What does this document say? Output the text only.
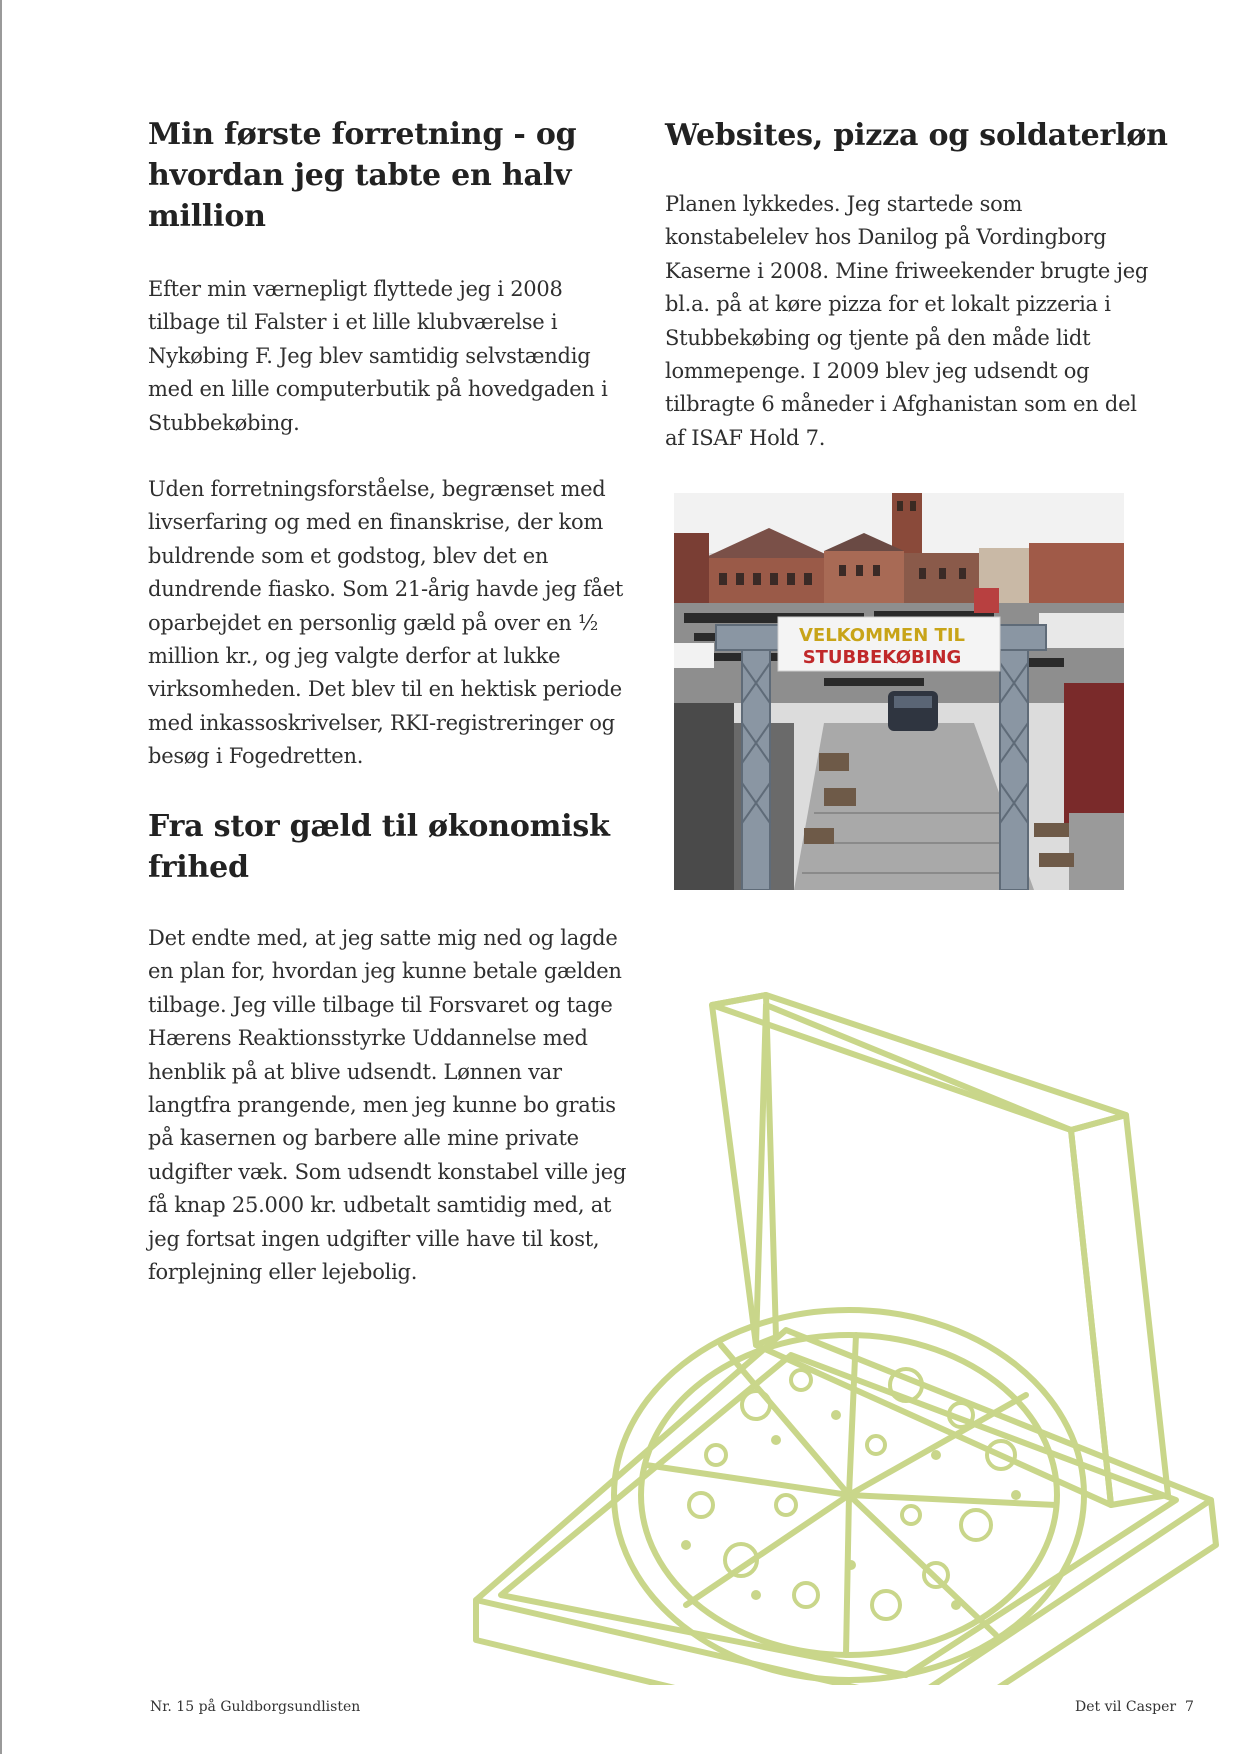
Min første forretning - og hvordan jeg tabte en halv million

Efter min værnepligt flyttede jeg i 2008 tilbage til Falster i et lille klubværelse i Nykøbing F. Jeg blev samtidig selvstændig med en lille computerbutik på hovedgaden i Stubbekøbing.

Uden forretningsforståelse, begrænset med livserfaring og med en finanskrise, der kom buldrende som et godstog, blev det en dundrende fiasko. Som 21-årig havde jeg fået oparbejdet en personlig gæld på over en ½ million kr., og jeg valgte derfor at lukke virksomheden. Det blev til en hektisk periode med inkassoskrivelser, RKI-registreringer og besøg i Fogedretten.

Fra stor gæld til økonomisk frihed

Det endte med, at jeg satte mig ned og lagde en plan for, hvordan jeg kunne betale gælden tilbage. Jeg ville tilbage til Forsvaret og tage Hærens Reaktionsstyrke Uddannelse med henblik på at blive udsendt. Lønnen var langtfra prangende, men jeg kunne bo gratis på kasernen og barbere alle mine private udgifter væk. Som udsendt konstabel ville jeg få knap 25.000 kr. udbetalt samtidig med, at jeg fortsat ingen udgifter ville have til kost, forplejning eller lejebolig.

Websites, pizza og soldaterløn

Planen lykkedes. Jeg startede som konstabelelev hos Danilog på Vordingborg Kaserne i 2008. Mine friweekender brugte jeg bl.a. på at køre pizza for et lokalt pizzeria i Stubbekøbing og tjente på den måde lidt lommepenge. I 2009 blev jeg udsendt og tilbragte 6 måneder i Afghanistan som en del af ISAF Hold 7.

VELKOMMEN TIL
STUBBEKØBING
Nr. 15 på Guldborgsundlisten	Det vil Casper 7
